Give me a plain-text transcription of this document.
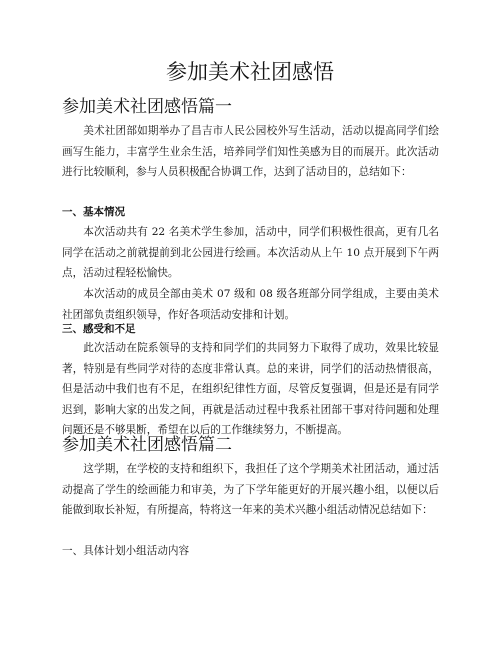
参加美术社团感悟
参加美术社团感悟篇一

美术社团部如期举办了昌吉市人民公园校外写生活动，活动以提高同学们绘画写生能力，丰富学生业余生活，培养同学们知性美感为目的而展开。此次活动进行比较顺利，参与人员积极配合协调工作，达到了活动目的，总结如下：

一、基本情况

本次活动共有 22 名美术学生参加，活动中，同学们积极性很高，更有几名同学在活动之前就提前到北公园进行绘画。本次活动从上午 10 点开展到下午两点，活动过程轻松愉快。

本次活动的成员全部由美术 07 级和 08 级各班部分同学组成，主要由美术社团部负责组织领导，作好各项活动安排和计划。

三、感受和不足

此次活动在院系领导的支持和同学们的共同努力下取得了成功，效果比较显著，特别是有些同学对待的态度非常认真。总的来讲，同学们的活动热情很高，但是活动中我们也有不足，在组织纪律性方面，尽管反复强调，但是还是有同学迟到，影响大家的出发之间，再就是活动过程中我系社团部干事对待问题和处理问题还是不够果断，希望在以后的工作继续努力，不断提高。

参加美术社团感悟篇二

这学期，在学校的支持和组织下，我担任了这个学期美术社团活动，通过活动提高了学生的绘画能力和审美，为了下学年能更好的开展兴趣小组，以便以后能做到取长补短，有所提高，特将这一年来的美术兴趣小组活动情况总结如下：

一、具体计划小组活动内容
